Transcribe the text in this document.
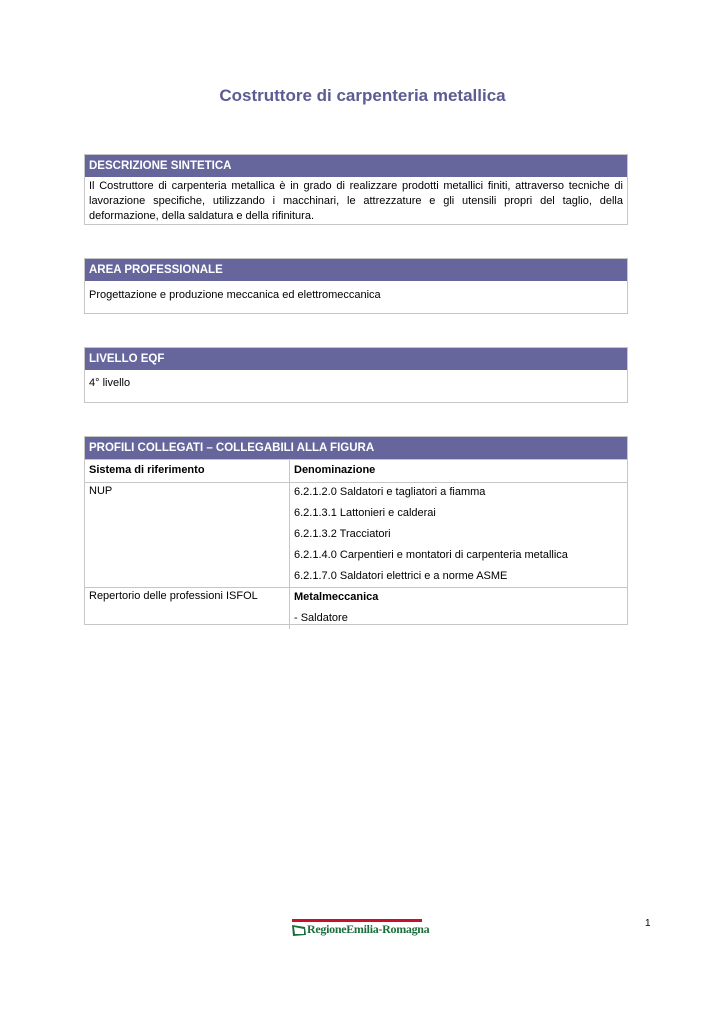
Costruttore di carpenteria metallica
DESCRIZIONE SINTETICA
Il Costruttore di carpenteria metallica è in grado di realizzare prodotti metallici finiti, attraverso tecniche di lavorazione specifiche, utilizzando i macchinari, le attrezzature e gli utensili propri del taglio, della deformazione, della saldatura e della rifinitura.
AREA PROFESSIONALE
Progettazione e produzione meccanica ed elettromeccanica
LIVELLO EQF
4° livello
PROFILI COLLEGATI – COLLEGABILI ALLA FIGURA
Sistema di riferimento	Denominazione
NUP	6.2.1.2.0 Saldatori e tagliatori a fiamma
6.2.1.3.1 Lattonieri e calderai
6.2.1.3.2 Tracciatori
6.2.1.4.0 Carpentieri e montatori di carpenteria metallica
6.2.1.7.0 Saldatori elettrici e a norme ASME

Repertorio delle professioni ISFOL	Metalmeccanica
- Saldatore
RegioneEmilia-Romagna	1
